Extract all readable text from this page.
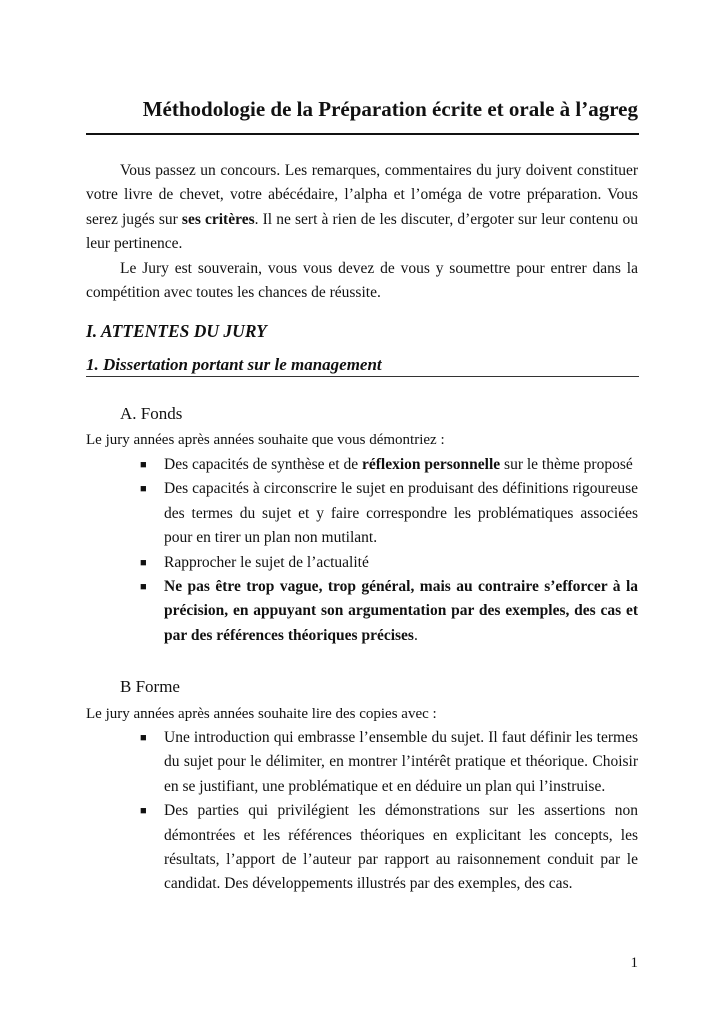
Méthodologie de la Préparation écrite et orale à l’agreg

Vous passez un concours. Les remarques, commentaires du jury doivent constituer votre livre de chevet, votre abécédaire, l’alpha et l’oméga de votre préparation. Vous serez jugés sur ses critères. Il ne sert à rien de les discuter, d’ergoter sur leur contenu ou leur pertinence.

Le Jury est souverain, vous vous devez de vous y soumettre pour entrer dans la compétition avec toutes les chances de réussite.

I. ATTENTES DU JURY
1. Dissertation portant sur le management
A. Fonds
Le jury années après années souhaite que vous démontriez :
■ Des capacités de synthèse et de réflexion personnelle sur le thème proposé
■ Des capacités à circonscrire le sujet en produisant des définitions rigoureuse des termes du sujet et y faire correspondre les problématiques associées pour en tirer un plan non mutilant.
■ Rapprocher le sujet de l’actualité
■ Ne pas être trop vague, trop général, mais au contraire s’efforcer à la précision, en appuyant son argumentation par des exemples, des cas et par des références théoriques précises.
B Forme
Le jury années après années souhaite lire des copies avec :
■ Une introduction qui embrasse l’ensemble du sujet. Il faut définir les termes du sujet pour le délimiter, en montrer l’intérêt pratique et théorique. Choisir en se justifiant, une problématique et en déduire un plan qui l’instruise.
■ Des parties qui privilégient les démonstrations sur les assertions non démontrées et les références théoriques en explicitant les concepts, les résultats, l’apport de l’auteur par rapport au raisonnement conduit par le candidat. Des développements illustrés par des exemples, des cas.
1
